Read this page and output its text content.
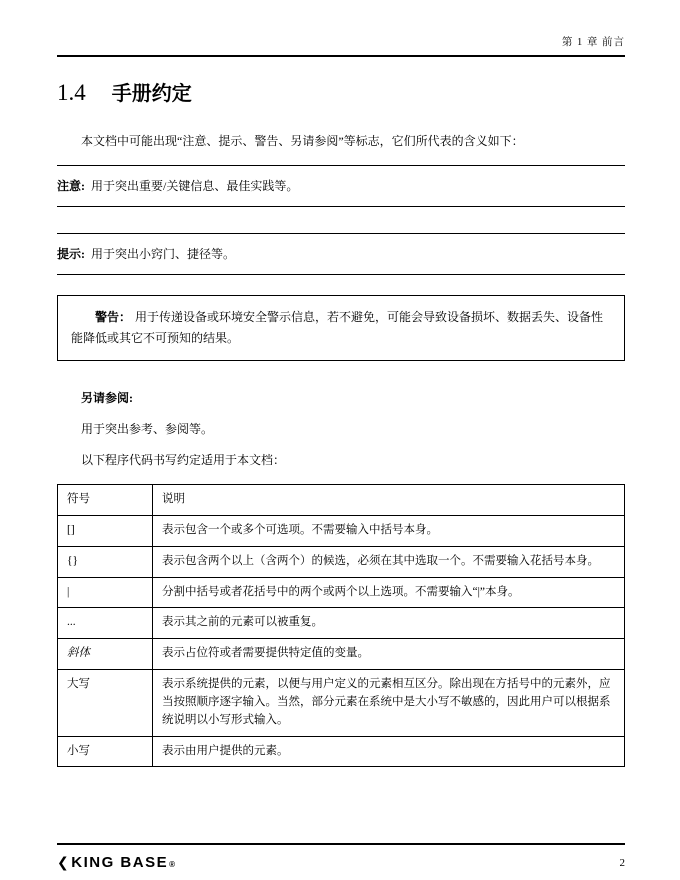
第 1 章 前言
1.4 手册约定

本文档中可能出现“注意、提示、警告、另请参阅”等标志，它们所代表的含义如下：

注意: 用于突出重要/关键信息、最佳实践等。
提示: 用于突出小窍门、捷径等。

警告： 用于传递设备或环境安全警示信息，若不避免，可能会导致设备损坏、数据丢失、设备性能降低或其它不可预知的结果。

另请参阅:

用于突出参考、参阅等。

以下程序代码书写约定适用于本文档：

符号	说明
[]	表示包含一个或多个可选项。不需要输入中括号本身。
{}	表示包含两个以上（含两个）的候选，必须在其中选取一个。不需要输入花括号本身。
|	分割中括号或者花括号中的两个或两个以上选项。不需要输入“|”本身。
...	表示其之前的元素可以被重复。
斜体	表示占位符或者需要提供特定值的变量。
大写	表示系统提供的元素，以便与用户定义的元素相互区分。除出现在方括号中的元素外，应当按照顺序逐字输入。当然，部分元素在系统中是大小写不敏感的，因此用户可以根据系统说明以小写形式输入。
小写	表示由用户提供的元素。
❮ KING BASE ®	2
